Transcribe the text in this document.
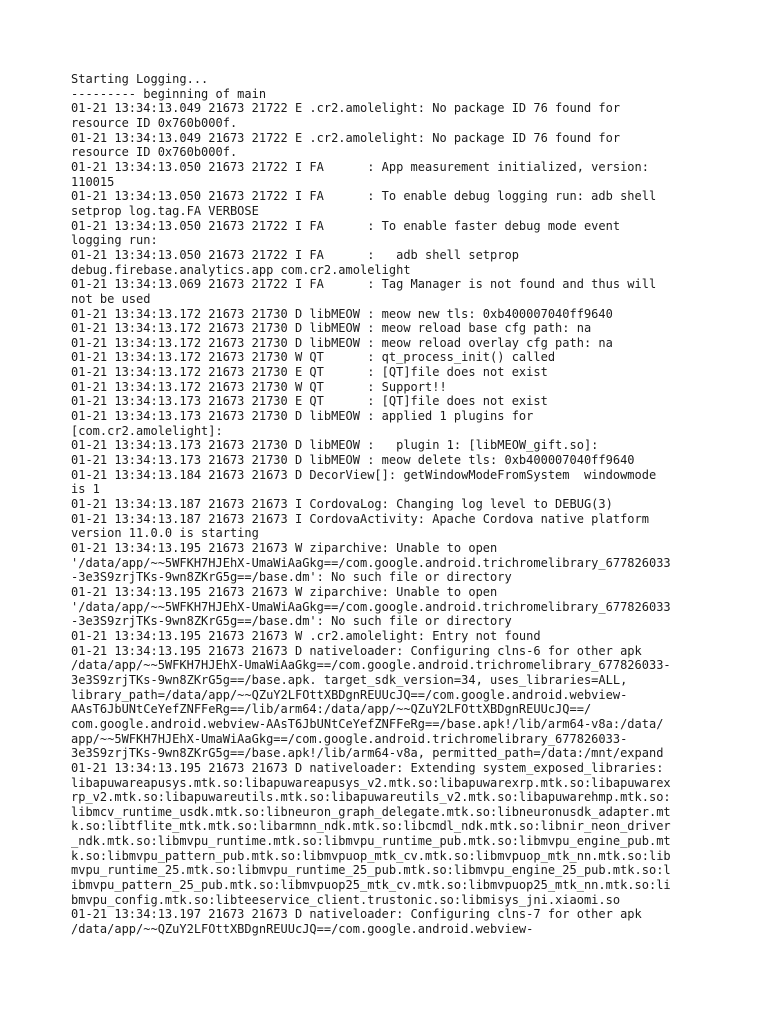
Starting Logging...
--------- beginning of main
01-21 13:34:13.049 21673 21722 E .cr2.amolelight: No package ID 76 found for
resource ID 0x760b000f.
01-21 13:34:13.049 21673 21722 E .cr2.amolelight: No package ID 76 found for
resource ID 0x760b000f.
01-21 13:34:13.050 21673 21722 I FA      : App measurement initialized, version:
110015
01-21 13:34:13.050 21673 21722 I FA      : To enable debug logging run: adb shell
setprop log.tag.FA VERBOSE
01-21 13:34:13.050 21673 21722 I FA      : To enable faster debug mode event
logging run:
01-21 13:34:13.050 21673 21722 I FA      :   adb shell setprop
debug.firebase.analytics.app com.cr2.amolelight
01-21 13:34:13.069 21673 21722 I FA      : Tag Manager is not found and thus will
not be used
01-21 13:34:13.172 21673 21730 D libMEOW : meow new tls: 0xb400007040ff9640
01-21 13:34:13.172 21673 21730 D libMEOW : meow reload base cfg path: na
01-21 13:34:13.172 21673 21730 D libMEOW : meow reload overlay cfg path: na
01-21 13:34:13.172 21673 21730 W QT      : qt_process_init() called
01-21 13:34:13.172 21673 21730 E QT      : [QT]file does not exist
01-21 13:34:13.172 21673 21730 W QT      : Support!!
01-21 13:34:13.173 21673 21730 E QT      : [QT]file does not exist
01-21 13:34:13.173 21673 21730 D libMEOW : applied 1 plugins for
[com.cr2.amolelight]:
01-21 13:34:13.173 21673 21730 D libMEOW :   plugin 1: [libMEOW_gift.so]:
01-21 13:34:13.173 21673 21730 D libMEOW : meow delete tls: 0xb400007040ff9640
01-21 13:34:13.184 21673 21673 D DecorView[]: getWindowModeFromSystem  windowmode
is 1
01-21 13:34:13.187 21673 21673 I CordovaLog: Changing log level to DEBUG(3)
01-21 13:34:13.187 21673 21673 I CordovaActivity: Apache Cordova native platform
version 11.0.0 is starting
01-21 13:34:13.195 21673 21673 W ziparchive: Unable to open
'/data/app/~~5WFKH7HJEhX-UmaWiAaGkg==/com.google.android.trichromelibrary_677826033
-3e3S9zrjTKs-9wn8ZKrG5g==/base.dm': No such file or directory
01-21 13:34:13.195 21673 21673 W ziparchive: Unable to open
'/data/app/~~5WFKH7HJEhX-UmaWiAaGkg==/com.google.android.trichromelibrary_677826033
-3e3S9zrjTKs-9wn8ZKrG5g==/base.dm': No such file or directory
01-21 13:34:13.195 21673 21673 W .cr2.amolelight: Entry not found
01-21 13:34:13.195 21673 21673 D nativeloader: Configuring clns-6 for other apk
/data/app/~~5WFKH7HJEhX-UmaWiAaGkg==/com.google.android.trichromelibrary_677826033-
3e3S9zrjTKs-9wn8ZKrG5g==/base.apk. target_sdk_version=34, uses_libraries=ALL,
library_path=/data/app/~~QZuY2LFOttXBDgnREUUcJQ==/com.google.android.webview-
AAsT6JbUNtCeYefZNFFeRg==/lib/arm64:/data/app/~~QZuY2LFOttXBDgnREUUcJQ==/
com.google.android.webview-AAsT6JbUNtCeYefZNFFeRg==/base.apk!/lib/arm64-v8a:/data/
app/~~5WFKH7HJEhX-UmaWiAaGkg==/com.google.android.trichromelibrary_677826033-
3e3S9zrjTKs-9wn8ZKrG5g==/base.apk!/lib/arm64-v8a, permitted_path=/data:/mnt/expand
01-21 13:34:13.195 21673 21673 D nativeloader: Extending system_exposed_libraries:
libapuwareapusys.mtk.so:libapuwareapusys_v2.mtk.so:libapuwarexrp.mtk.so:libapuwarex
rp_v2.mtk.so:libapuwareutils.mtk.so:libapuwareutils_v2.mtk.so:libapuwarehmp.mtk.so:
libmcv_runtime_usdk.mtk.so:libneuron_graph_delegate.mtk.so:libneuronusdk_adapter.mt
k.so:libtflite_mtk.mtk.so:libarmnn_ndk.mtk.so:libcmdl_ndk.mtk.so:libnir_neon_driver
_ndk.mtk.so:libmvpu_runtime.mtk.so:libmvpu_runtime_pub.mtk.so:libmvpu_engine_pub.mt
k.so:libmvpu_pattern_pub.mtk.so:libmvpuop_mtk_cv.mtk.so:libmvpuop_mtk_nn.mtk.so:lib
mvpu_runtime_25.mtk.so:libmvpu_runtime_25_pub.mtk.so:libmvpu_engine_25_pub.mtk.so:l
ibmvpu_pattern_25_pub.mtk.so:libmvpuop25_mtk_cv.mtk.so:libmvpuop25_mtk_nn.mtk.so:li
bmvpu_config.mtk.so:libteeservice_client.trustonic.so:libmisys_jni.xiaomi.so
01-21 13:34:13.197 21673 21673 D nativeloader: Configuring clns-7 for other apk
/data/app/~~QZuY2LFOttXBDgnREUUcJQ==/com.google.android.webview-
